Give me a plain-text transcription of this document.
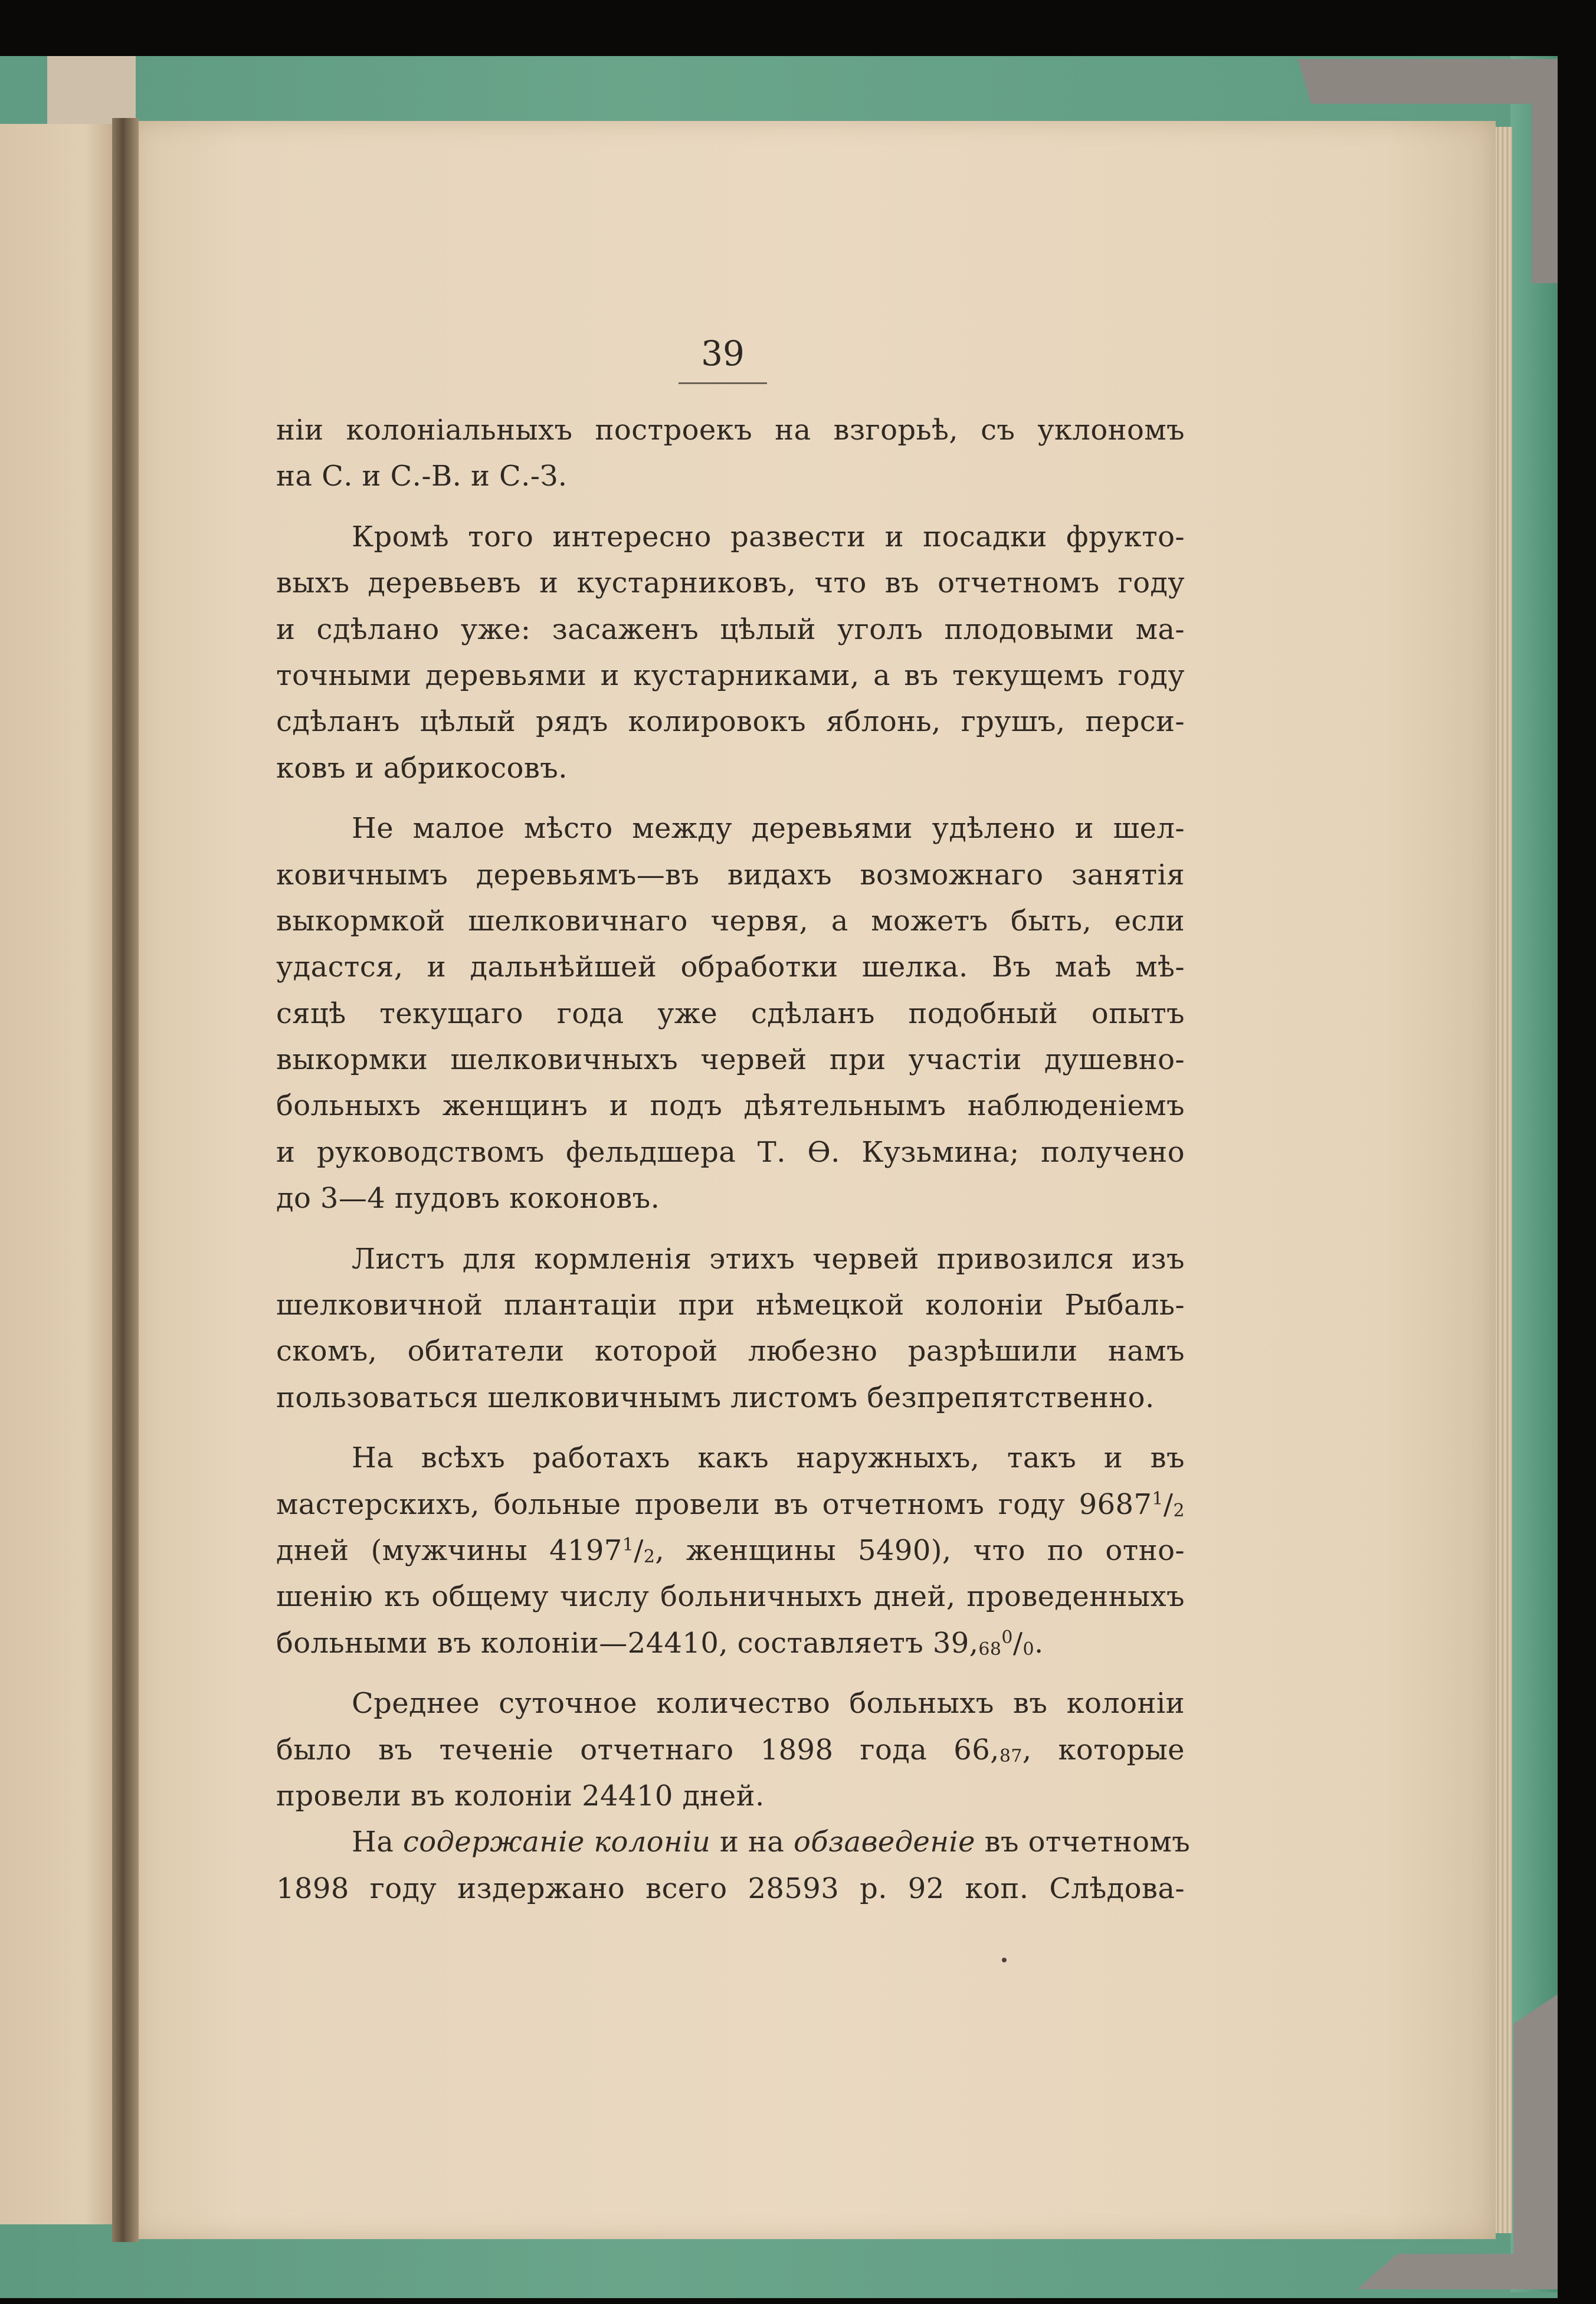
39
нiи колонiальныхъ построекъ на взгорьѣ, съ уклономъ
на С. и С.-В. и С.-З.
Кромѣ того интересно развести и посадки фрукто-
выхъ деревьевъ и кустарниковъ, что въ отчетномъ году
и сдѣлано уже: засаженъ цѣлый уголъ плодовыми ма-
точными деревьями и кустарниками, а въ текущемъ году
сдѣланъ цѣлый рядъ колировокъ яблонь, грушъ, перси-
ковъ и абрикосовъ.
Не малое мѣсто между деревьями удѣлено и шел-
ковичнымъ деревьямъ—въ видахъ возможнаго занятiя
выкормкой шелковичнаго червя, а можетъ быть, если
удастся, и дальнѣйшей обработки шелка. Въ маѣ мѣ-
сяцѣ текущаго года уже сдѣланъ подобный опытъ
выкормки шелковичныхъ червей при участiи душевно-
больныхъ женщинъ и подъ дѣятельнымъ наблюденiемъ
и руководствомъ фельдшера Т. Ѳ. Кузьмина; получено
до 3—4 пудовъ коконовъ.
Листъ для кормленiя этихъ червей привозился изъ
шелковичной плантацiи при нѣмецкой колонiи Рыбаль-
скомъ, обитатели которой любезно разрѣшили намъ
пользоваться шелковичнымъ листомъ безпрепятственно.
На всѣхъ работахъ какъ наружныхъ, такъ и въ
мастерскихъ, больные провели въ отчетномъ году 9687$^1$/2
дней (мужчины 4197$^1$/2, женщины 5490), что по отно-
шенiю къ общему числу больничныхъ дней, проведенныхъ
больными въ колонiи—24410, составляетъ 39,68$^0$/0.
Среднее суточное количество больныхъ въ колонiи
было въ теченiе отчетнаго 1898 года 66,87, которые
провели въ колонiи 24410 дней.
На содержанiе колонiи и на обзаведенiе въ отчетномъ
1898 году издержано всего 28593 р. 92 коп. Слѣдова-
